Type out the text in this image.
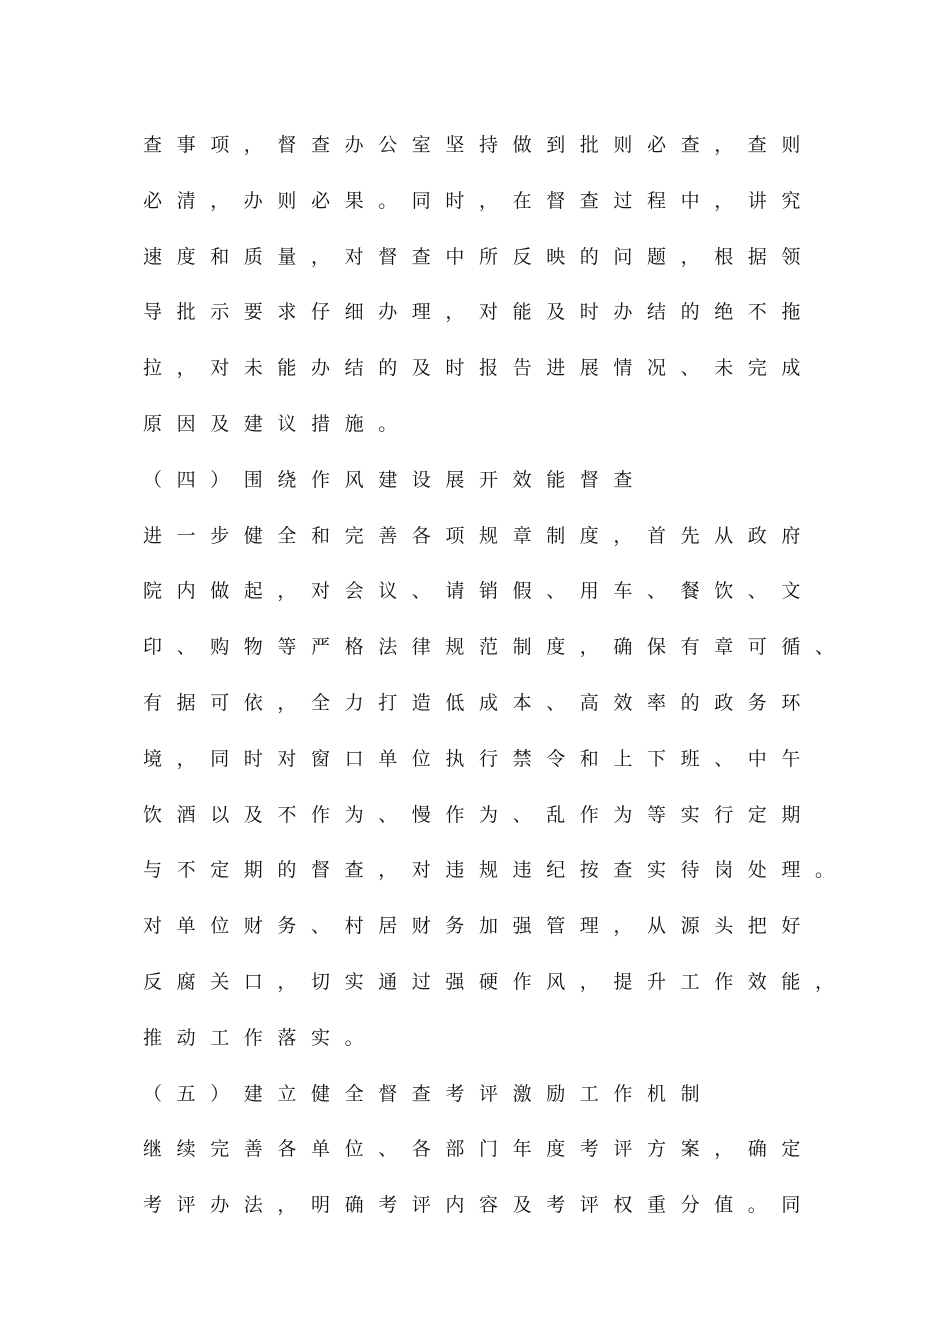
查事项，督查办公室坚持做到批则必查，查则
必清，办则必果。同时，在督查过程中，讲究
速度和质量，对督查中所反映的问题，根据领
导批示要求仔细办理，对能及时办结的绝不拖
拉，对未能办结的及时报告进展情况、未完成
原因及建议措施。
（四）围绕作风建设展开效能督查
进一步健全和完善各项规章制度，首先从政府
院内做起，对会议、请销假、用车、餐饮、文
印、购物等严格法律规范制度，确保有章可循、
有据可依，全力打造低成本、高效率的政务环
境，同时对窗口单位执行禁令和上下班、中午
饮酒以及不作为、慢作为、乱作为等实行定期
与不定期的督查，对违规违纪按查实待岗处理。
对单位财务、村居财务加强管理，从源头把好
反腐关口，切实通过强硬作风，提升工作效能，
推动工作落实。
（五）建立健全督查考评激励工作机制
继续完善各单位、各部门年度考评方案，确定
考评办法，明确考评内容及考评权重分值。同
